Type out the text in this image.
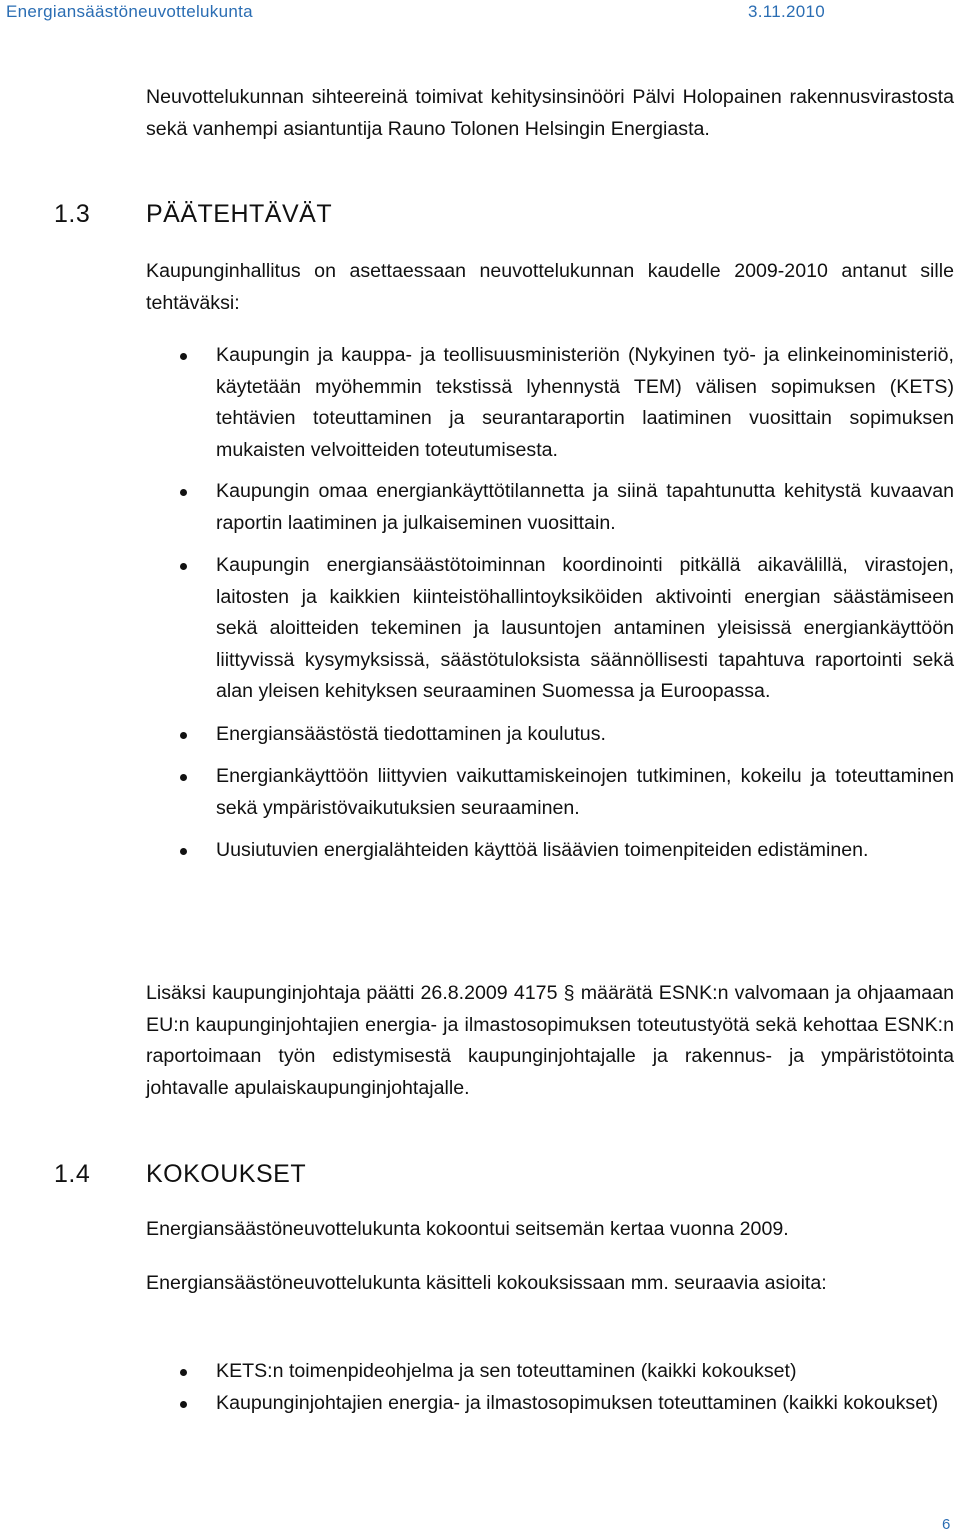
Energiansäästöneuvottelukunta	3.11.2010

Neuvottelukunnan sihteereinä toimivat kehitysinsinööri Pälvi Holopainen rakennusvirastosta sekä vanhempi asiantuntija Rauno Tolonen Helsingin Energiasta.

1.3 PÄÄTEHTÄVÄT

Kaupunginhallitus on asettaessaan neuvottelukunnan kaudelle 2009-2010 antanut sille tehtäväksi:

Kaupungin ja kauppa- ja teollisuusministeriön (Nykyinen työ- ja elinkeinoministeriö, käytetään myöhemmin tekstissä lyhennystä TEM) välisen sopimuksen (KETS) tehtävien toteuttaminen ja seurantaraportin laatiminen vuosittain sopimuksen mukaisten velvoitteiden toteutumisesta.
Kaupungin omaa energiankäyttötilannetta ja siinä tapahtunutta kehitystä kuvaavan raportin laatiminen ja julkaiseminen vuosittain.
Kaupungin energiansäästötoiminnan koordinointi pitkällä aikavälillä, virastojen, laitosten ja kaikkien kiinteistöhallintoyksiköiden aktivointi energian säästämiseen sekä aloitteiden tekeminen ja lausuntojen antaminen yleisissä energiankäyttöön liittyvissä kysymyksissä, säästötuloksista säännöllisesti tapahtuva raportointi sekä alan yleisen kehityksen seuraaminen Suomessa ja Euroopassa.
Energiansäästöstä tiedottaminen ja koulutus.
Energiankäyttöön liittyvien vaikuttamiskeinojen tutkiminen, kokeilu ja toteuttaminen sekä ympäristövaikutuksien seuraaminen.
Uusiutuvien energialähteiden käyttöä lisäävien toimenpiteiden edistäminen.

Lisäksi kaupunginjohtaja päätti 26.8.2009 4175 § määrätä ESNK:n valvomaan ja ohjaamaan EU:n kaupunginjohtajien energia- ja ilmastosopimuksen toteutustyötä sekä kehottaa ESNK:n raportoimaan työn edistymisestä kaupunginjohtajalle ja rakennus- ja ympäristötointa johtavalle apulaiskaupunginjohtajalle.

1.4 KOKOUKSET

Energiansäästöneuvottelukunta kokoontui seitsemän kertaa vuonna 2009.

Energiansäästöneuvottelukunta käsitteli kokouksissaan mm. seuraavia asioita:

KETS:n toimenpideohjelma ja sen toteuttaminen (kaikki kokoukset)
Kaupunginjohtajien energia- ja ilmastosopimuksen toteuttaminen (kaikki kokoukset)
6
